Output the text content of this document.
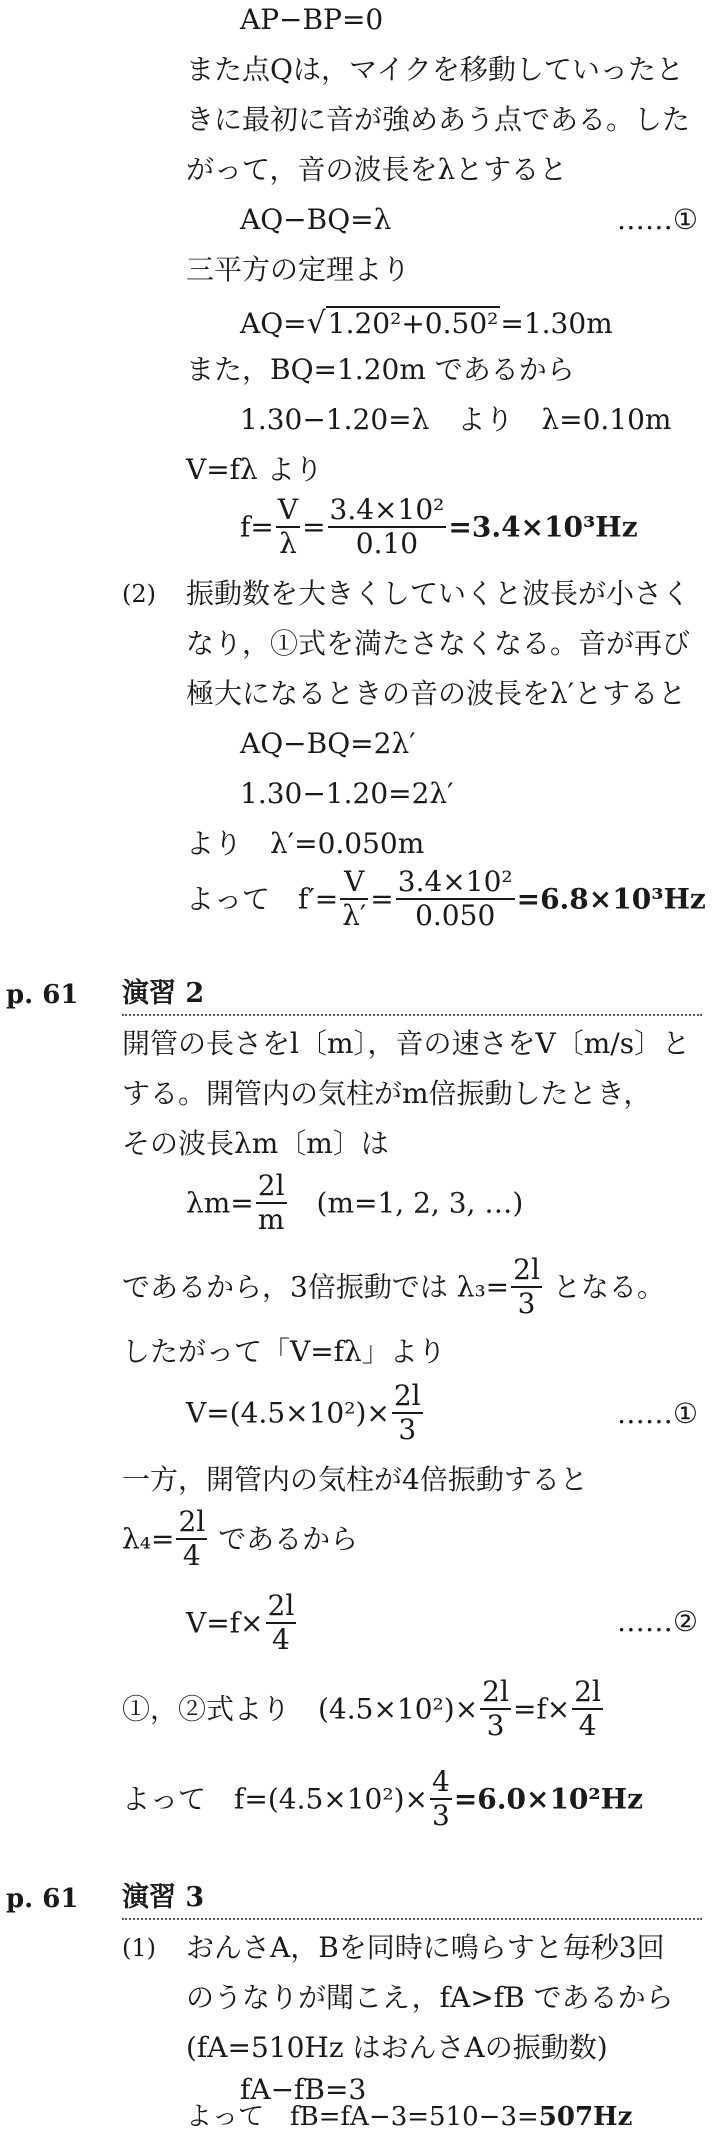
AP−BP=0
また点Qは，マイクを移動していったと
きに最初に音が強めあう点である。した
がって，音の波長をλとすると
AQ−BQ=λ	……①
三平方の定理より
AQ=√1.20²+0.50²=1.30m
また，BQ=1.20m であるから
1.30−1.20=λ　より　λ=0.10m
V=fλ より
$f= \frac{V}{\lambda} = \frac{\text{3.4×10²}}{0.10} =3.4\times 10^3Hz$
(2) 振動数を大きくしていくと波長が小さく
なり，①式を満たさなくなる。音が再び
極大になるときの音の波長をλ′とすると
AQ−BQ=2λ′
1.30−1.20=2λ′
より　λ′=0.050m
よって　$f'= \frac{V}{\lambda'} = \frac{\text{3.4×10²}}{0.050} =6.8\times 10^3Hz$
p. 61 演習 2
開管の長さをl〔m〕，音の速さをV〔m/s〕と
する。開管内の気柱がm倍振動したとき，
その波長λm〔m〕は
$\lambda m= \frac{2l}{m}$ 　(m=1, 2, 3, …)
であるから，3倍振動では $\lambda_3= \frac{2l}{3}$ となる。
したがって「V=fλ」より
$V=(4.5\times 10^2)\times \frac{2l}{3}$	……①
一方，開管内の気柱が4倍振動すると
$\lambda_4= \frac{2l}{4}$ であるから
$V=f\times \frac{2l}{4}$	……②
①，②式より　$(4.5\times 10^2)\times \frac{2l}{3} =f\times \frac{2l}{4}$
よって　$f=(4.5\times 10^2)\times \frac{4}{3} =6.0\times 10^2Hz$
p. 61 演習 3
(1) おんさA，Bを同時に鳴らすと毎秒3回
のうなりが聞こえ，fA>fB であるから
(fA=510Hz はおんさAの振動数)
fA−fB=3
よって　fB=fA−3=510−3=507Hz
